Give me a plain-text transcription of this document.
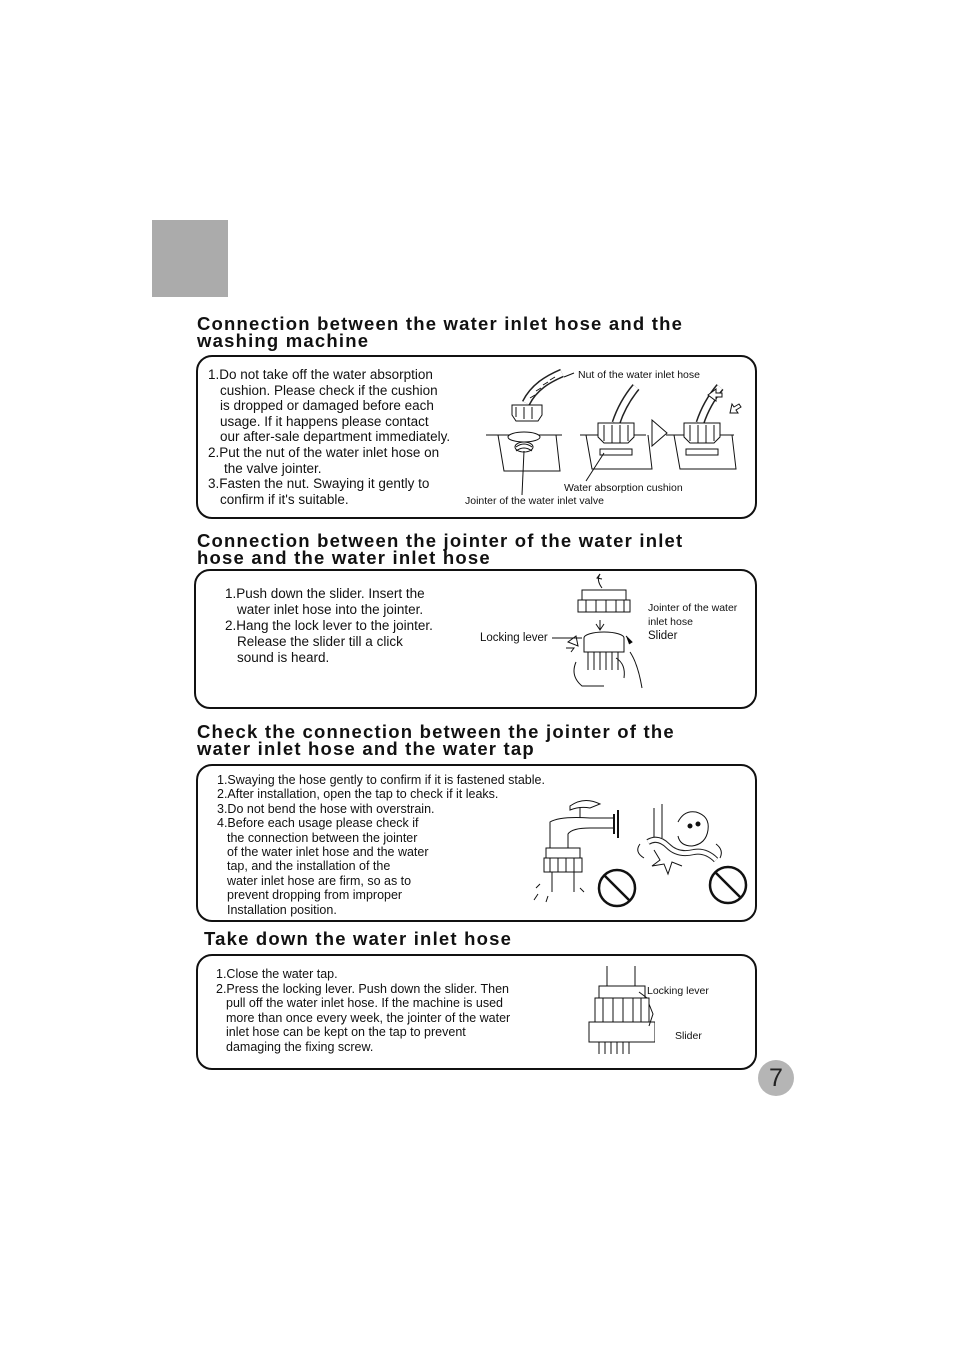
Connection between the water inlet hose and the
washing machine
1.Do not take off the water absorption
cushion. Please check if the cushion
is dropped or damaged before each
usage. If it happens please contact
our after-sale department immediately.
2.Put the nut of the water inlet hose on
the valve jointer.
3.Fasten the nut. Swaying it gently to
confirm if it's suitable.
Nut of the water inlet hose
Water absorption cushion
Jointer of the water inlet valve
Connection between the jointer of the water inlet
hose and the water inlet hose
1.Push down the slider. Insert the
water inlet hose into the jointer.
2.Hang the lock lever to the jointer.
Release the slider till a click
sound is heard.
Jointer of the water
inlet hose
Slider
Locking lever
Check the connection between the jointer of the
water inlet hose and the water tap
1.Swaying the hose gently to confirm if it is fastened stable.
2.After installation, open the tap to check if it leaks.
3.Do not bend the hose with overstrain.
4.Before each usage please check if
the connection between the jointer
of the water inlet hose and the water
tap, and the installation of the
water inlet hose are firm, so as to
prevent dropping from improper
Installation position.
Take down the water inlet hose
1.Close the water tap.
2.Press the locking lever. Push down the slider. Then
pull off the water inlet hose. If the machine is used
more than once every week, the jointer of the water
inlet hose can be kept on the tap to prevent
damaging the fixing screw.
Locking lever
Slider
7
